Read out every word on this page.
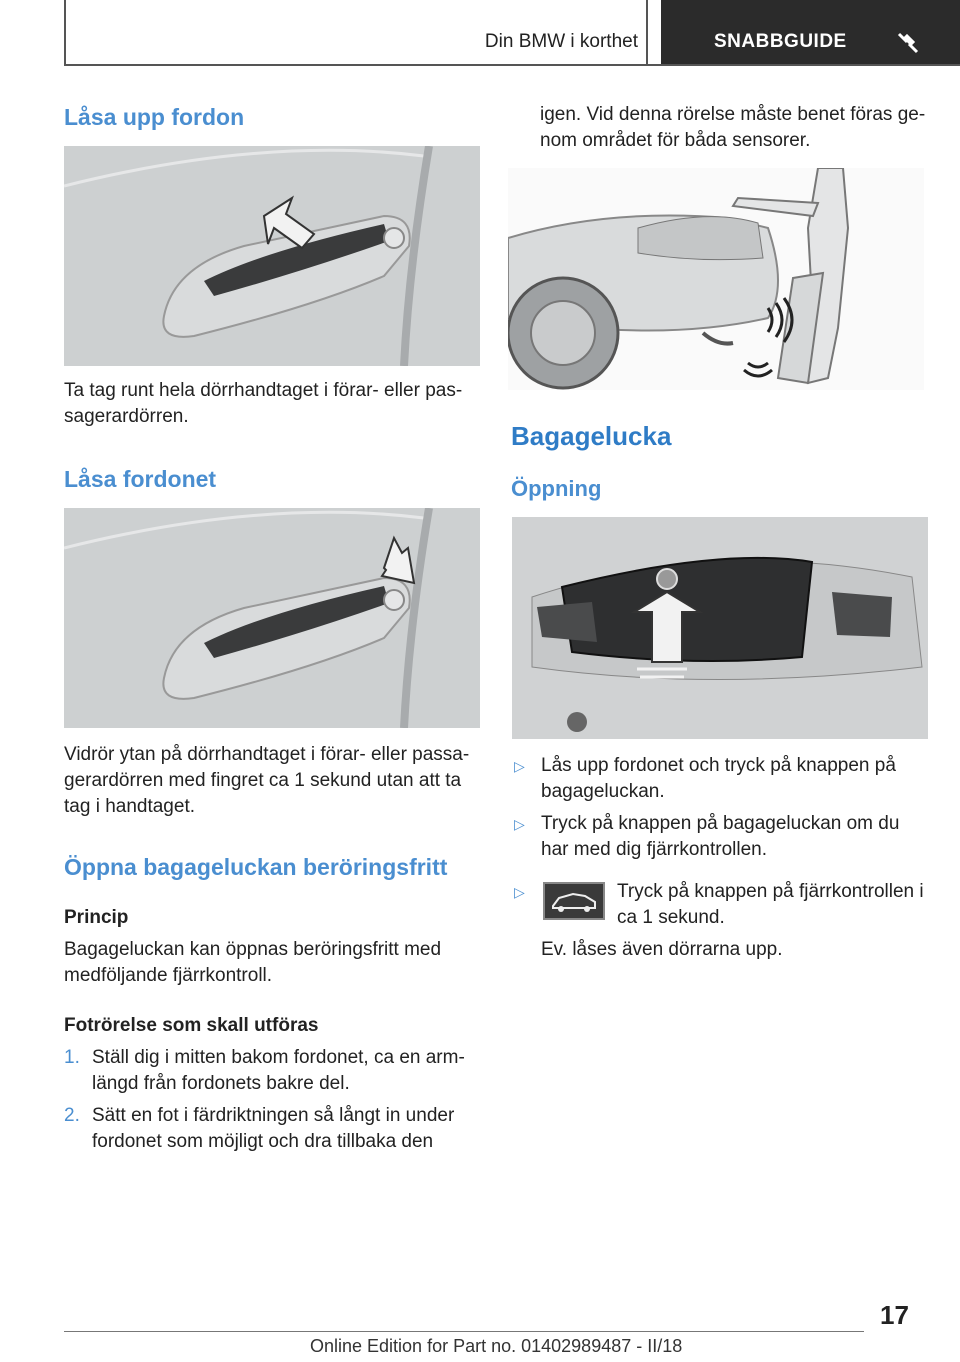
Din BMW i korthet	SNABBGUIDE
Låsa upp fordon
Ta tag runt hela dörrhandtaget i förar- eller pas-
sagerardörren.
Låsa fordonet
Vidrör ytan på dörrhandtaget i förar- eller passa-
gerardörren med fingret ca 1 sekund utan att ta
tag i handtaget.
Öppna bagageluckan beröringsfritt
Princip
Bagageluckan kan öppnas beröringsfritt med
medföljande fjärrkontroll.
Fotrörelse som skall utföras
1. Ställ dig i mitten bakom fordonet, ca en arm-
längd från fordonets bakre del.
2. Sätt en fot i färdriktningen så långt in under
fordonet som möjligt och dra tillbaka den
igen. Vid denna rörelse måste benet föras ge-
nom området för båda sensorer.
Bagagelucka
Öppning
▷ Lås upp fordonet och tryck på knappen på
bagageluckan.
▷ Tryck på knappen på bagageluckan om du
har med dig fjärrkontrollen.
▷	Tryck på knappen på fjärrkontrollen i
ca 1 sekund.
Ev. låses även dörrarna upp.
17
Online Edition for Part no. 01402989487 - II/18
